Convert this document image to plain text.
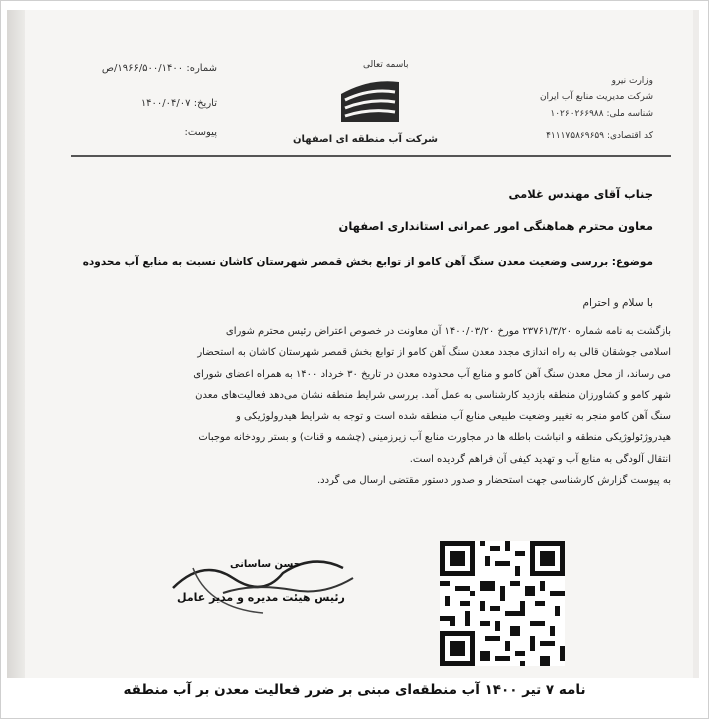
وزارت نیرو
شرکت مدیریت منابع آب ایران
شناسه ملی: ۱۰۲۶۰۲۶۶۹۸۸
کد اقتصادی: ۴۱۱۱۷۵۸۶۹۶۵۹
باسمه تعالی
شرکت آب منطقه ای اصفهان
شماره: ۱۹۶۶/۵۰۰/۱۴۰۰/ص
تاریخ: ۱۴۰۰/۰۴/۰۷
پیوست:
جناب آقای مهندس غلامی
معاون محترم هماهنگی امور عمرانی استانداری اصفهان
موضوع: بررسی وضعیت معدن سنگ آهن کامو از توابع بخش قمصر شهرستان کاشان نسبت به منابع آب محدوده
با سلام و احترام
بازگشت به نامه شماره ۲۳۷۶۱/۳/۲۰ مورخ ۱۴۰۰/۰۳/۲۰ آن معاونت در خصوص اعتراض رئیس محترم شورای
اسلامی جوشقان قالی به راه اندازی مجدد معدن سنگ آهن کامو از توابع بخش قمصر شهرستان کاشان به استحضار
می رساند، از محل معدن سنگ آهن کامو و منابع آب محدوده معدن در تاریخ ۳۰ خرداد ۱۴۰۰ به همراه اعضای شورای
شهر کامو و کشاورزان منطقه بازدید کارشناسی به عمل آمد. بررسی شرایط منطقه نشان می‌دهد فعالیت‌های معدن
سنگ آهن کامو منجر به تغییر وضعیت طبیعی منابع آب منطقه شده است و توجه به شرایط هیدرولوژیکی و
هیدروژئولوژیکی منطقه و انباشت باطله ها در مجاورت منابع آب زیرزمینی (چشمه و قنات) و بستر رودخانه موجبات
انتقال آلودگی به منابع آب و تهدید کیفی آن فراهم گردیده است.
به پیوست گزارش کارشناسی جهت استحضار و صدور دستور مقتضی ارسال می گردد.
حسن ساسانی
رئیس هیئت مدیره و مدیر عامل
نامه ۷ تیر ۱۴۰۰ آب منطقه‌ای مبنی بر ضرر فعالیت معدن بر آب منطقه
